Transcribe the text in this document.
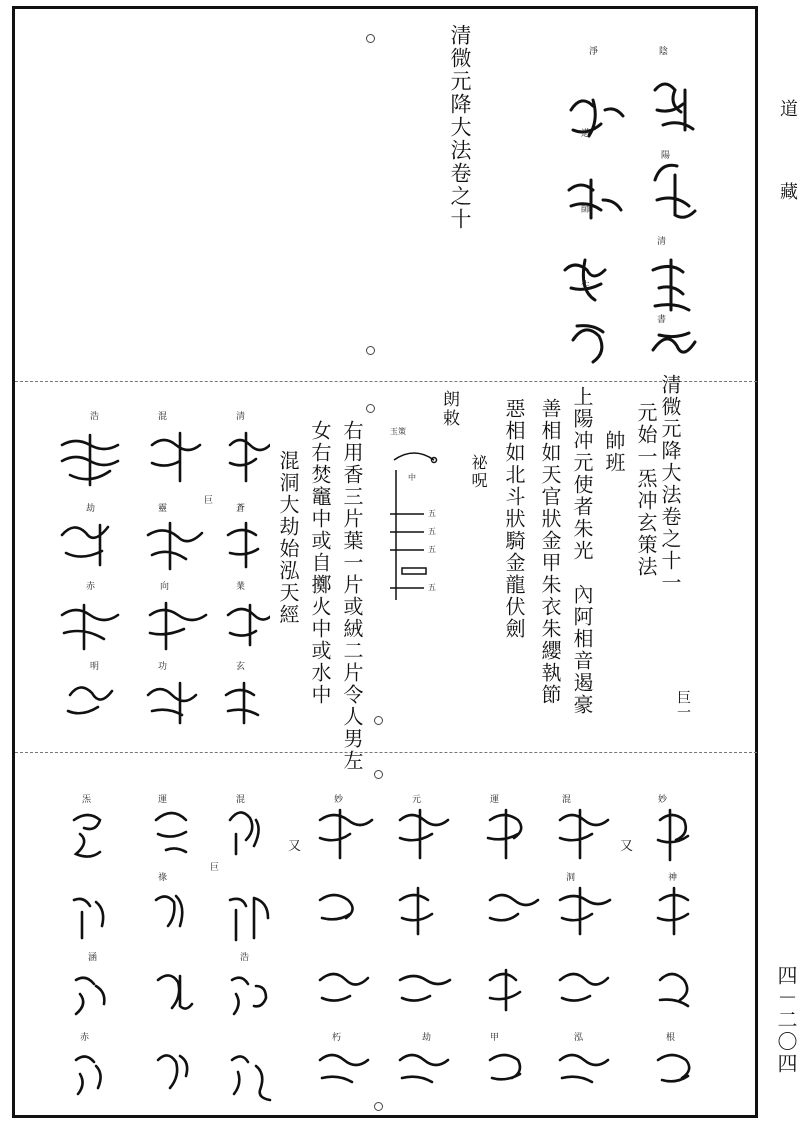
道
藏
四－二〇四
清微元降大法卷之十	陰
陽
清
書
淨
道
師
生
清微元降大法卷之十一
元始一炁冲玄策法
帥班
上陽冲元使者朱光　內阿相音遏豪
善相如天官狀金甲朱衣朱纓執節
惡相如北斗狀騎金龍伏劍
祕呪
巨一
朗敕
玉策
中
五
五
五
五
右用香三片葉一片或絨二片令人男左
女右焚竈中或自擲火中或水中
混洞大劫始泓天經
浩
劫
赤
明
混
靈
向
功
清
蒼
業
玄
巨
妙
混
運
元
妙
神
混
洞
運
根
泓
炁
劫	甲
祿
赤
浩
涵
巨
朽
又
又
